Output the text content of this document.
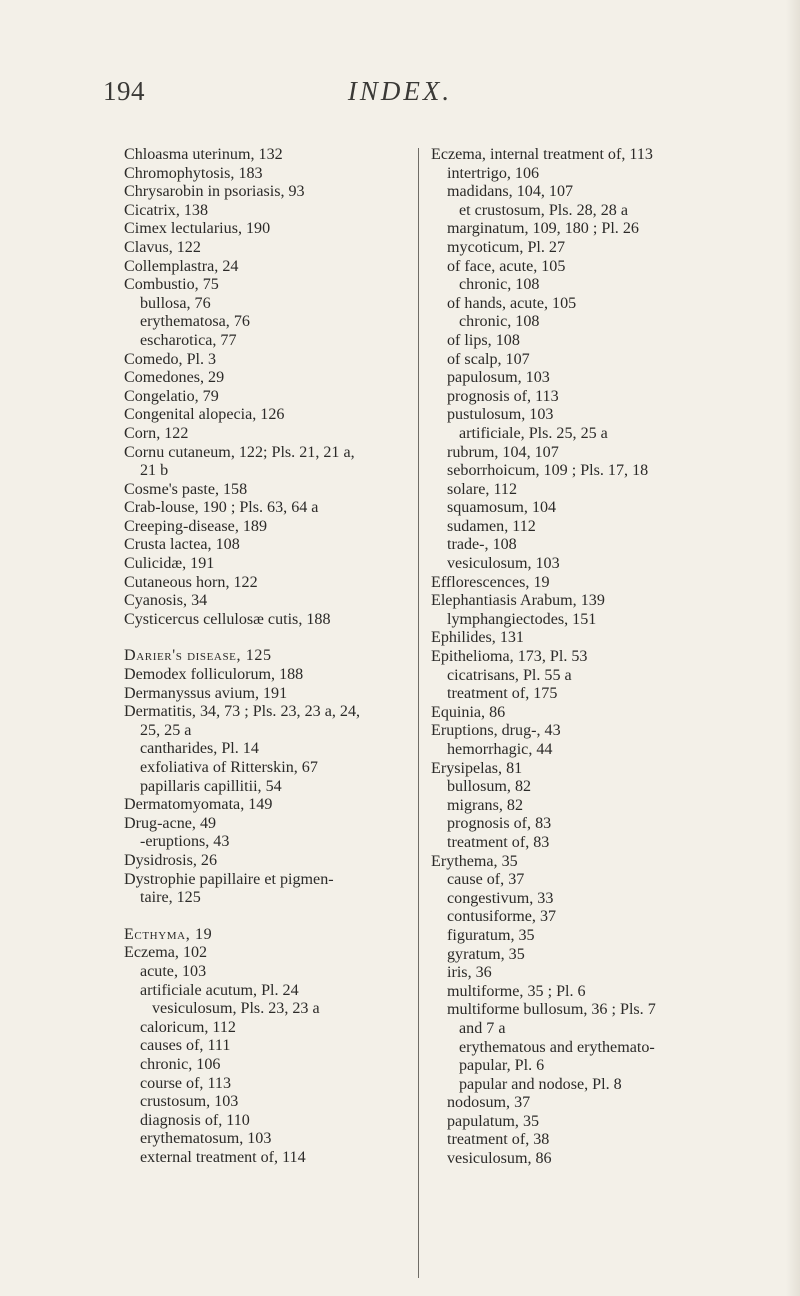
194	INDEX.
Chloasma uterinum, 132
Chromophytosis, 183
Chrysarobin in psoriasis, 93
Cicatrix, 138
Cimex lectularius, 190
Clavus, 122
Collemplastra, 24
Combustio, 75
bullosa, 76
erythematosa, 76
escharotica, 77
Comedo, Pl. 3
Comedones, 29
Congelatio, 79
Congenital alopecia, 126
Corn, 122
Cornu cutaneum, 122; Pls. 21, 21 a,
21 b
Cosme's paste, 158
Crab-louse, 190 ; Pls. 63, 64 a
Creeping-disease, 189
Crusta lactea, 108
Culicidæ, 191
Cutaneous horn, 122
Cyanosis, 34
Cysticercus cellulosæ cutis, 188
Darier's disease, 125
Demodex folliculorum, 188
Dermanyssus avium, 191
Dermatitis, 34, 73 ; Pls. 23, 23 a, 24,
25, 25 a
cantharides, Pl. 14
exfoliativa of Ritterskin, 67
papillaris capillitii, 54
Dermatomyomata, 149
Drug-acne, 49
-eruptions, 43
Dysidrosis, 26
Dystrophie papillaire et pigmen-
taire, 125
Ecthyma, 19
Eczema, 102
acute, 103
artificiale acutum, Pl. 24
vesiculosum, Pls. 23, 23 a
caloricum, 112
causes of, 111
chronic, 106
course of, 113
crustosum, 103
diagnosis of, 110
erythematosum, 103
external treatment of, 114
Eczema, internal treatment of, 113
intertrigo, 106
madidans, 104, 107
et crustosum, Pls. 28, 28 a
marginatum, 109, 180 ; Pl. 26
mycoticum, Pl. 27
of face, acute, 105
chronic, 108
of hands, acute, 105
chronic, 108
of lips, 108
of scalp, 107
papulosum, 103
prognosis of, 113
pustulosum, 103
artificiale, Pls. 25, 25 a
rubrum, 104, 107
seborrhoicum, 109 ; Pls. 17, 18
solare, 112
squamosum, 104
sudamen, 112
trade-, 108
vesiculosum, 103
Efflorescences, 19
Elephantiasis Arabum, 139
lymphangiectodes, 151
Ephilides, 131
Epithelioma, 173, Pl. 53
cicatrisans, Pl. 55 a
treatment of, 175
Equinia, 86
Eruptions, drug-, 43
hemorrhagic, 44
Erysipelas, 81
bullosum, 82
migrans, 82
prognosis of, 83
treatment of, 83
Erythema, 35
cause of, 37
congestivum, 33
contusiforme, 37
figuratum, 35
gyratum, 35
iris, 36
multiforme, 35 ; Pl. 6
multiforme bullosum, 36 ; Pls. 7
and 7 a
erythematous and erythemato-
papular, Pl. 6
papular and nodose, Pl. 8
nodosum, 37
papulatum, 35
treatment of, 38
vesiculosum, 86
